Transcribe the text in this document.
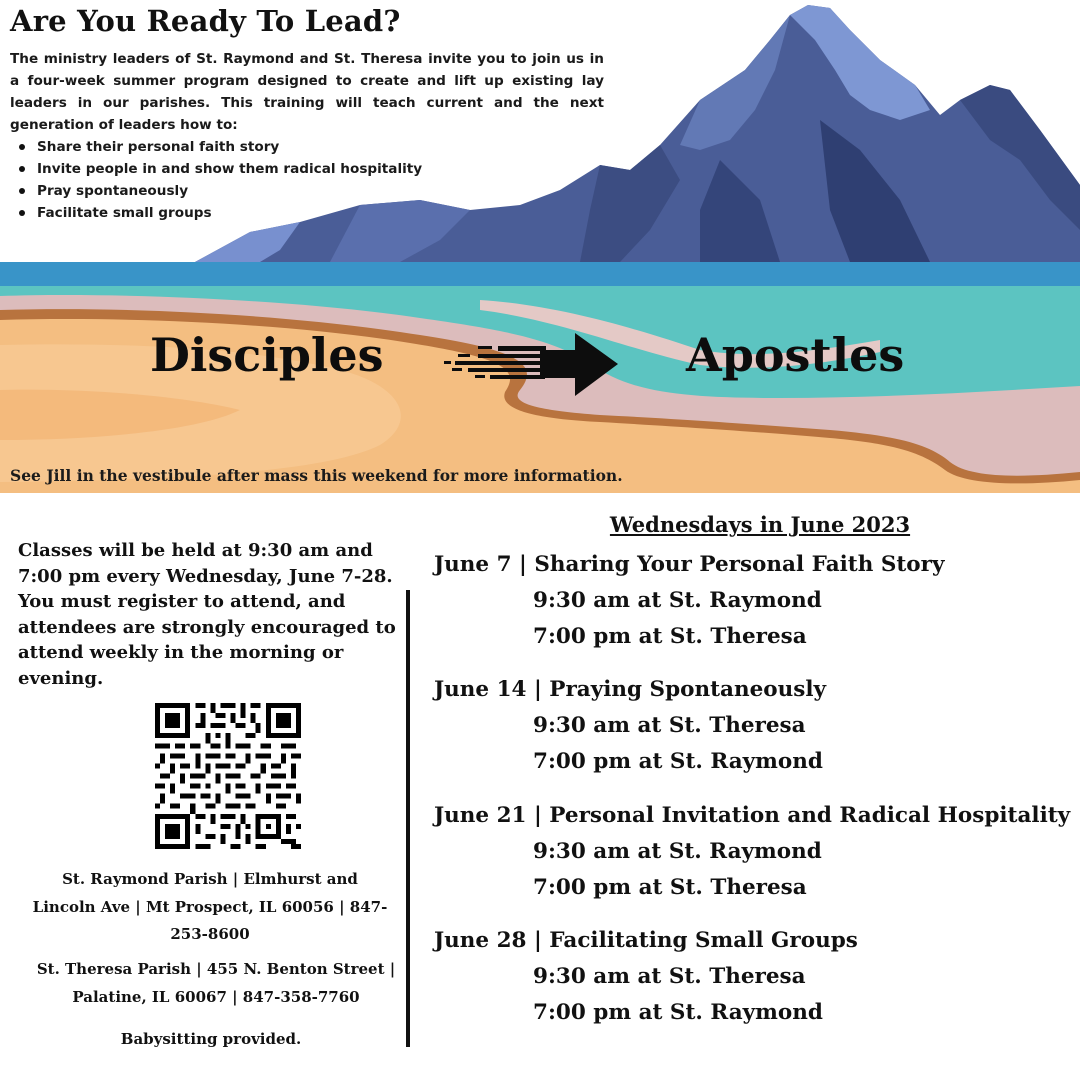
Are You Ready To Lead?

The ministry leaders of St. Raymond and St. Theresa invite you to join us in a four-week summer program designed to create and lift up existing lay leaders in our parishes. This training will teach current and the next generation of leaders how to:

Share their personal faith story
Invite people in and show them radical hospitality
Pray spontaneously
Facilitate small groups

Disciples	Apostles

See Jill in the vestibule after mass this weekend for more information.

Classes will be held at 9:30 am and 7:00 pm every Wednesday, June 7-28. You must register to attend, and attendees are strongly encouraged to attend weekly in the morning or evening.

St. Raymond Parish | Elmhurst and Lincoln Ave | Mt Prospect, IL 60056 | 847-253-8600

St. Theresa Parish | 455 N. Benton Street | Palatine, IL 60067 | 847-358-7760

Babysitting provided.

Wednesdays in June 2023

June 7 | Sharing Your Personal Faith Story

9:30 am at St. Raymond

7:00 pm at St. Theresa

June 14 | Praying Spontaneously

9:30 am at St. Theresa

7:00 pm at St. Raymond

June 21 | Personal Invitation and Radical Hospitality

9:30 am at St. Raymond

7:00 pm at St. Theresa

June 28 | Facilitating Small Groups

9:30 am at St. Theresa

7:00 pm at St. Raymond
